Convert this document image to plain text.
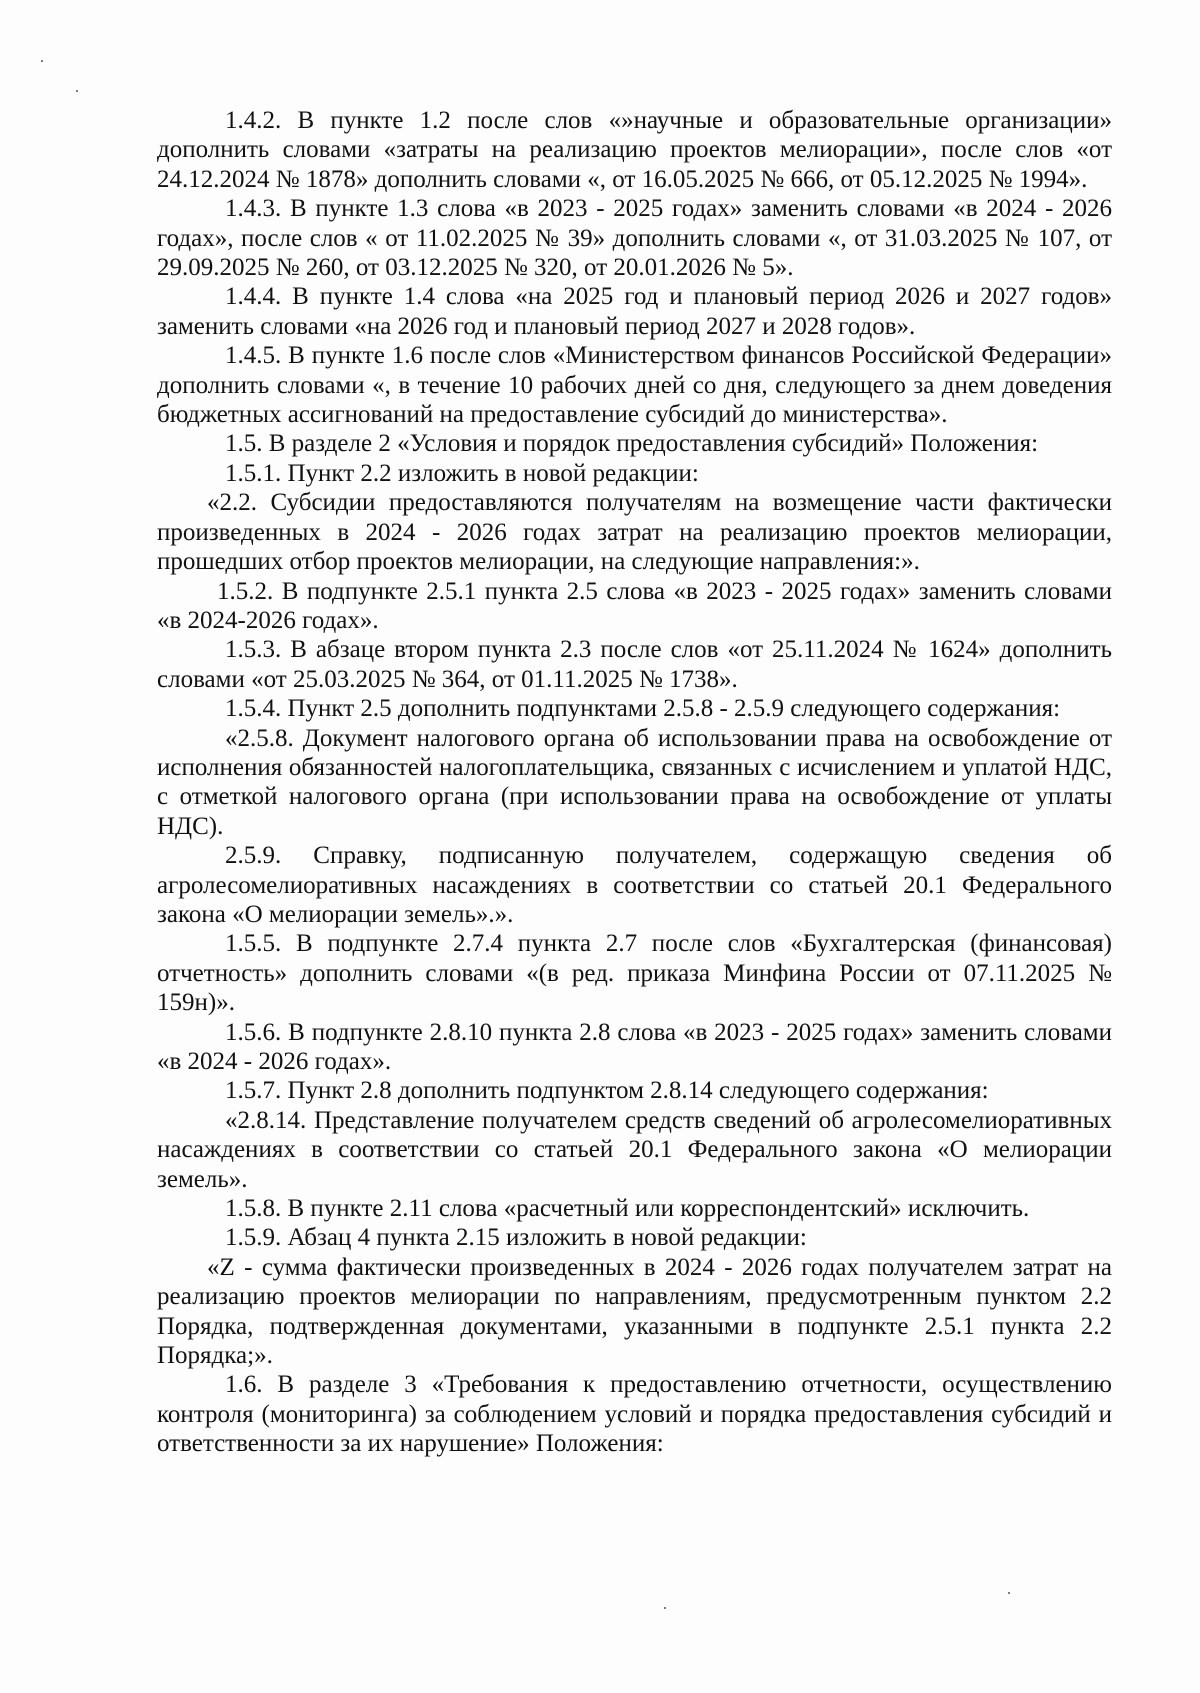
1.4.2. В пункте 1.2 после слов «»научные и образовательные организации» дополнить словами «затраты на реализацию проектов мелиорации», после слов «от 24.12.2024 № 1878» дополнить словами «, от 16.05.2025 № 666, от 05.12.2025 № 1994».

1.4.3. В пункте 1.3 слова «в 2023 - 2025 годах» заменить словами «в 2024 - 2026 годах», после слов « от 11.02.2025 № 39» дополнить словами «, от 31.03.2025 № 107, от 29.09.2025 № 260, от 03.12.2025 № 320, от 20.01.2026 № 5».

1.4.4. В пункте 1.4 слова «на 2025 год и плановый период 2026 и 2027 годов» заменить словами «на 2026 год и плановый период 2027 и 2028 годов».

1.4.5. В пункте 1.6 после слов «Министерством финансов Российской Федерации» дополнить словами «, в течение 10 рабочих дней со дня, следующего за днем доведения бюджетных ассигнований на предоставление субсидий до министерства».

1.5. В разделе 2 «Условия и порядок предоставления субсидий» Положения:

1.5.1. Пункт 2.2 изложить в новой редакции:

«2.2. Субсидии предоставляются получателям на возмещение части фактически произведенных в 2024 - 2026 годах затрат на реализацию проектов мелиорации, прошедших отбор проектов мелиорации, на следующие направления:».

1.5.2. В подпункте 2.5.1 пункта 2.5 слова «в 2023 - 2025 годах» заменить словами «в 2024-2026 годах».

1.5.3. В абзаце втором пункта 2.3 после слов «от 25.11.2024 № 1624» дополнить словами «от 25.03.2025 № 364, от 01.11.2025 № 1738».

1.5.4. Пункт 2.5 дополнить подпунктами 2.5.8 - 2.5.9 следующего содержания:

«2.5.8. Документ налогового органа об использовании права на освобождение от исполнения обязанностей налогоплательщика, связанных с исчислением и уплатой НДС, с отметкой налогового органа (при использовании права на освобождение от уплаты НДС).

2.5.9. Справку, подписанную получателем, содержащую сведения об агролесомелиоративных насаждениях в соответствии со статьей 20.1 Федерального закона «О мелиорации земель».».

1.5.5. В подпункте 2.7.4 пункта 2.7 после слов «Бухгалтерская (финансовая) отчетность» дополнить словами «(в ред. приказа Минфина России от 07.11.2025 № 159н)».

1.5.6. В подпункте 2.8.10 пункта 2.8 слова «в 2023 - 2025 годах» заменить словами «в 2024 - 2026 годах».

1.5.7. Пункт 2.8 дополнить подпунктом 2.8.14 следующего содержания:

«2.8.14. Представление получателем средств сведений об агролесомелиоративных насаждениях в соответствии со статьей 20.1 Федерального закона «О мелиорации земель».

1.5.8. В пункте 2.11 слова «расчетный или корреспондентский» исключить.

1.5.9. Абзац 4 пункта 2.15 изложить в новой редакции:

«Z - сумма фактически произведенных в 2024 - 2026 годах получателем затрат на реализацию проектов мелиорации по направлениям, предусмотренным пунктом 2.2 Порядка, подтвержденная документами, указанными в подпункте 2.5.1 пункта 2.2 Порядка;».

1.6. В разделе 3 «Требования к предоставлению отчетности, осуществлению контроля (мониторинга) за соблюдением условий и порядка предоставления субсидий и ответственности за их нарушение» Положения:
